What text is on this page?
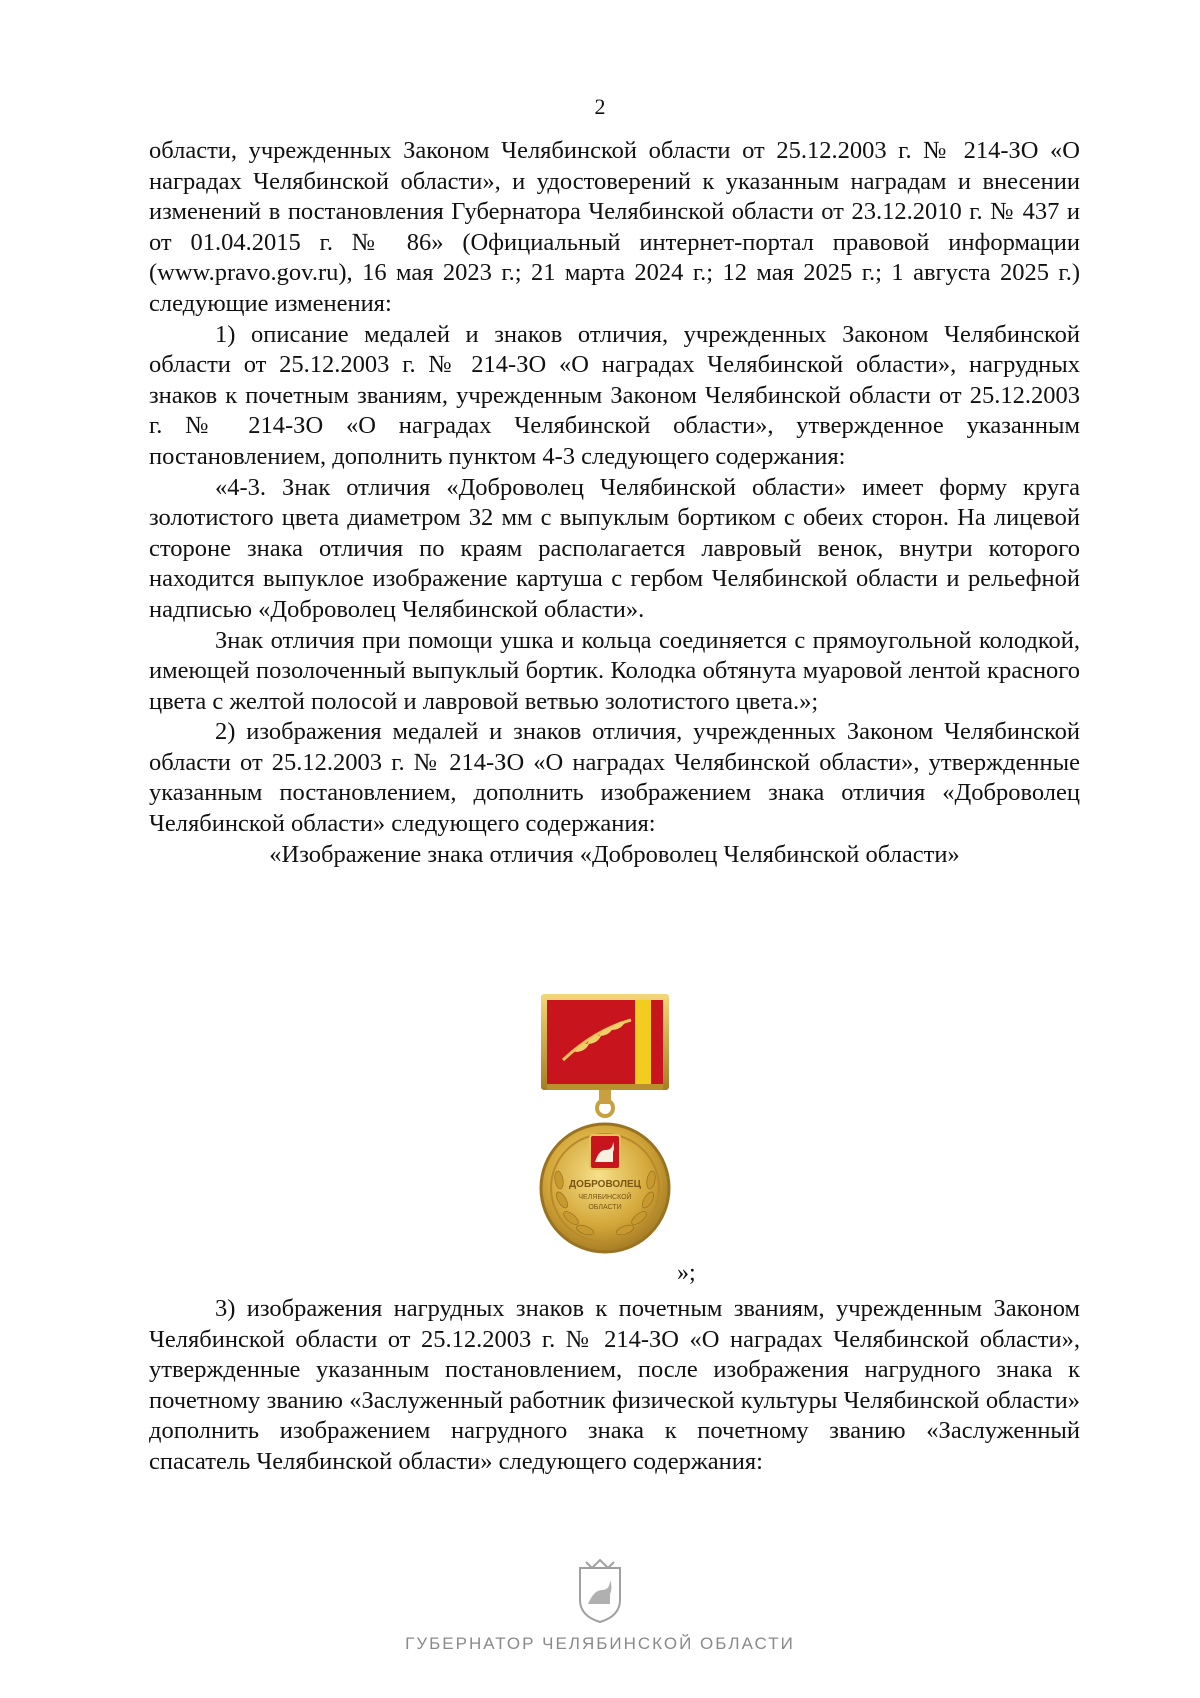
2

области, учрежденных Законом Челябинской области от 25.12.2003 г. № 214-ЗО «О наградах Челябинской области», и удостоверений к указанным наградам и внесении изменений в постановления Губернатора Челябинской области от 23.12.2010 г. № 437 и от 01.04.2015 г. № 86» (Официальный интернет-портал правовой информации (www.pravo.gov.ru), 16 мая 2023 г.; 21 марта 2024 г.; 12 мая 2025 г.; 1 августа 2025 г.) следующие изменения:

1) описание медалей и знаков отличия, учрежденных Законом Челябинской области от 25.12.2003 г. № 214-ЗО «О наградах Челябинской области», нагрудных знаков к почетным званиям, учрежденным Законом Челябинской области от 25.12.2003 г. № 214-ЗО «О наградах Челябинской области», утвержденное указанным постановлением, дополнить пунктом 4-3 следующего содержания:

«4-3. Знак отличия «Доброволец Челябинской области» имеет форму круга золотистого цвета диаметром 32 мм с выпуклым бортиком с обеих сторон. На лицевой стороне знака отличия по краям располагается лавровый венок, внутри которого находится выпуклое изображение картуша с гербом Челябинской области и рельефной надписью «Доброволец Челябинской области».

Знак отличия при помощи ушка и кольца соединяется с прямоугольной колодкой, имеющей позолоченный выпуклый бортик. Колодка обтянута муаровой лентой красного цвета с желтой полосой и лавровой ветвью золотистого цвета.»;

2) изображения медалей и знаков отличия, учрежденных Законом Челябинской области от 25.12.2003 г. № 214-ЗО «О наградах Челябинской области», утвержденные указанным постановлением, дополнить изображением знака отличия «Доброволец Челябинской области» следующего содержания:

«Изображение знака отличия «Доброволец Челябинской области»

ДОБРОВОЛЕЦ
ЧЕЛЯБИНСКОЙ
ОБЛАСТИ
»;

3) изображения нагрудных знаков к почетным званиям, учрежденным Законом Челябинской области от 25.12.2003 г. № 214-ЗО «О наградах Челябинской области», утвержденные указанным постановлением, после изображения нагрудного знака к почетному званию «Заслуженный работник физической культуры Челябинской области» дополнить изображением нагрудного знака к почетному званию «Заслуженный спасатель Челябинской области» следующего содержания:

ГУБЕРНАТОР ЧЕЛЯБИНСКОЙ ОБЛАСТИ
